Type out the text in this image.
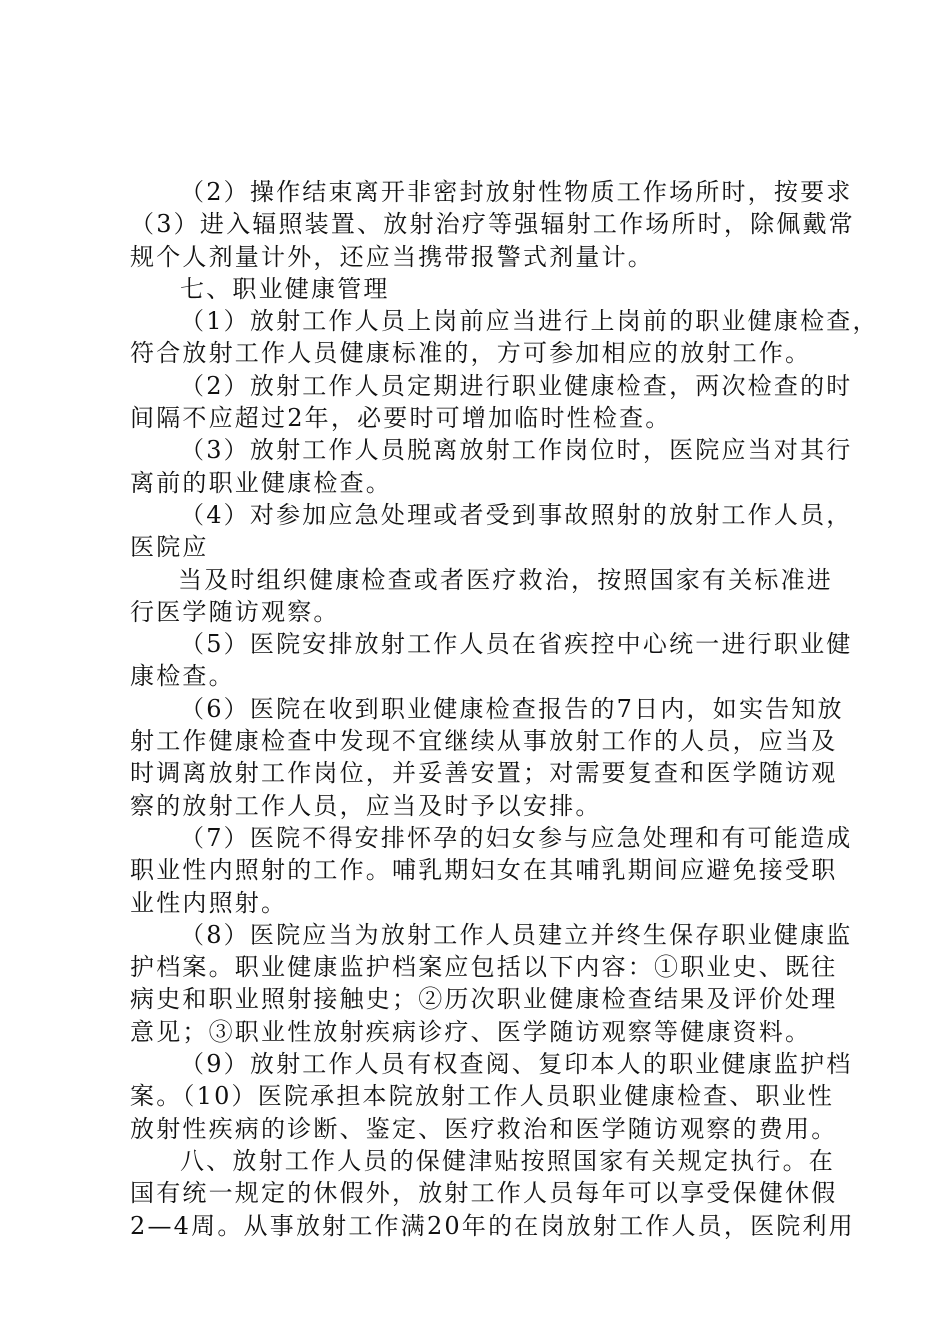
（2）操作结束离开非密封放射性物质工作场所时，按要求
（3）进入辐照装置、放射治疗等强辐射工作场所时，除佩戴常
规个人剂量计外，还应当携带报警式剂量计。
七、职业健康管理
（1）放射工作人员上岗前应当进行上岗前的职业健康检查，
符合放射工作人员健康标准的，方可参加相应的放射工作。
（2）放射工作人员定期进行职业健康检查，两次检查的时
间隔不应超过2年，必要时可增加临时性检查。
（3）放射工作人员脱离放射工作岗位时，医院应当对其行
离前的职业健康检查。
（4）对参加应急处理或者受到事故照射的放射工作人员，
医院应
当及时组织健康检查或者医疗救治，按照国家有关标准进
行医学随访观察。
（5）医院安排放射工作人员在省疾控中心统一进行职业健
康检查。
（6）医院在收到职业健康检查报告的7日内，如实告知放
射工作健康检查中发现不宜继续从事放射工作的人员，应当及
时调离放射工作岗位，并妥善安置；对需要复查和医学随访观
察的放射工作人员，应当及时予以安排。
（7）医院不得安排怀孕的妇女参与应急处理和有可能造成
职业性内照射的工作。哺乳期妇女在其哺乳期间应避免接受职
业性内照射。
（8）医院应当为放射工作人员建立并终生保存职业健康监
护档案。职业健康监护档案应包括以下内容：①职业史、既往
病史和职业照射接触史；②历次职业健康检查结果及评价处理
意见；③职业性放射疾病诊疗、医学随访观察等健康资料。
（9）放射工作人员有权查阅、复印本人的职业健康监护档
案。（10）医院承担本院放射工作人员职业健康检查、职业性
放射性疾病的诊断、鉴定、医疗救治和医学随访观察的费用。
八、放射工作人员的保健津贴按照国家有关规定执行。在
国有统一规定的休假外，放射工作人员每年可以享受保健休假
2—4周。从事放射工作满20年的在岗放射工作人员，医院利用
